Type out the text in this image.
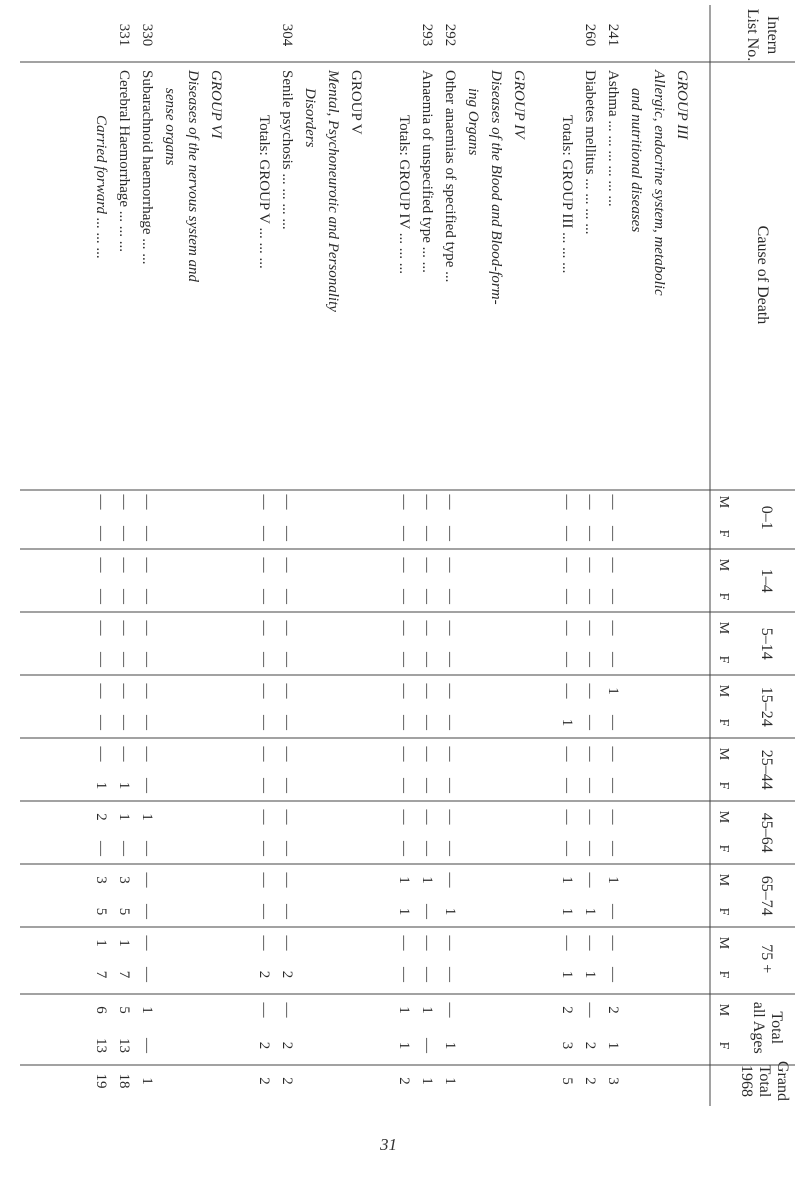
Intern
List No.
Cause of Death
0–1
M
F
1–4
M
F
5–14
M
F
15–24
M
F
25–44
M
F
45–64
M
F
65–74
M
F
75 +
M
F
Total
all Ages
M
F
Grand
Total
1968
GROUP III
Allergic, endocrine system, metabolic
and nutritional diseases
241
Asthma ... ... ... ... ... ...
—
—
—
—
—
—
1
—
—
—
—
—
1
—
—
—
2
1
3
260
Diabetes mellitus ... ... ... ...
—
—
—
—
—
—
—
—
—
—
—
—
—
1
—
1
—
2
2
Totals: GROUP III ... ... ...
—
—
—
—
—
—
—
1
—
—
—
—
1
1
—
1
2
3
5
GROUP IV
Diseases of the Blood and Blood-form-
ing Organs
292
Other anaemias of specified type ...
—
—
—
—
—
—
—
—
—
—
—
—
—
1
—
—
—
1
1
293
Anaemia of unspecified type ... ...
—
—
—
—
—
—
—
—
—
—
—
—
1
—
—
—
1
—
1
Totals: GROUP IV ... ... ...
—
—
—
—
—
—
—
—
—
—
—
—
1
1
—
—
1
1
2
GROUP V
Mental, Psychoneurotic and Personality
Disorders
304
Senile psychosis ... ... ... ...
—
—
—
—
—
—
—
—
—
—
—
—
—
—
—
2
—
2
2
Totals: GROUP V ... ... ...
—
—
—
—
—
—
—
—
—
—
—
—
—
—
—
2
—
2
2
GROUP VI
Diseases of the nervous system and
sense organs
330
Subarachnoid haemorrhage ... ...
—
—
—
—
—
—
—
—
—
—
1
—
—
—
—
—
1
—
1
331
Cerebral Haemorrhage ... ... ...
—
—
—
—
—
—
—
—
—
1
1
—
3
5
1
7
5
13
18
Carried forward ... ... ...
—
—
—
—
—
—
—
—
—
1
2
—
3
5
1
7
6
13
19
31
